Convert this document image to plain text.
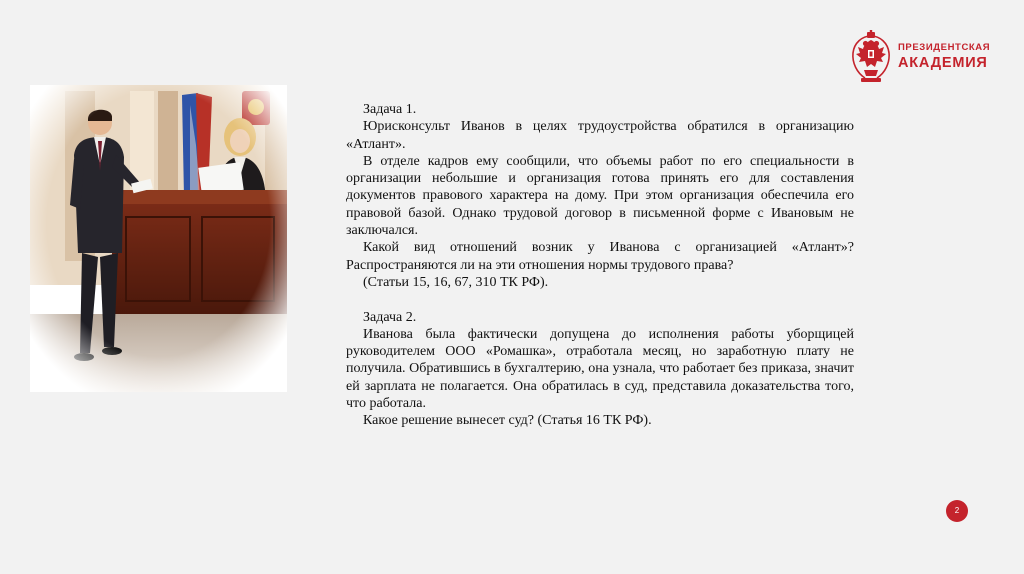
ПРЕЗИДЕНТСКАЯ
АКАДЕМИЯ

Задача 1.

Юрисконсульт Иванов в целях трудоустройства обратился в организацию «Атлант».

В отделе кадров ему сообщили, что объемы работ по его специальности в организации небольшие и организация готова принять его для составления документов правового характера на дому. При этом организация обеспечила его правовой базой. Однако трудовой договор в письменной форме с Ивановым не заключался.

Какой вид отношений возник у Иванова с организацией «Атлант»? Распространяются ли на эти отношения нормы трудового права?

(Статьи 15, 16, 67, 310 ТК РФ).

Задача 2.

Иванова была фактически допущена до исполнения работы уборщицей руководителем ООО «Ромашка», отработала месяц, но заработную плату не получила. Обратившись в бухгалтерию, она узнала, что работает без приказа, значит ей зарплата не полагается. Она обратилась в суд, представила доказательства того, что работала.

Какое решение вынесет суд? (Статья 16 ТК РФ).

2
